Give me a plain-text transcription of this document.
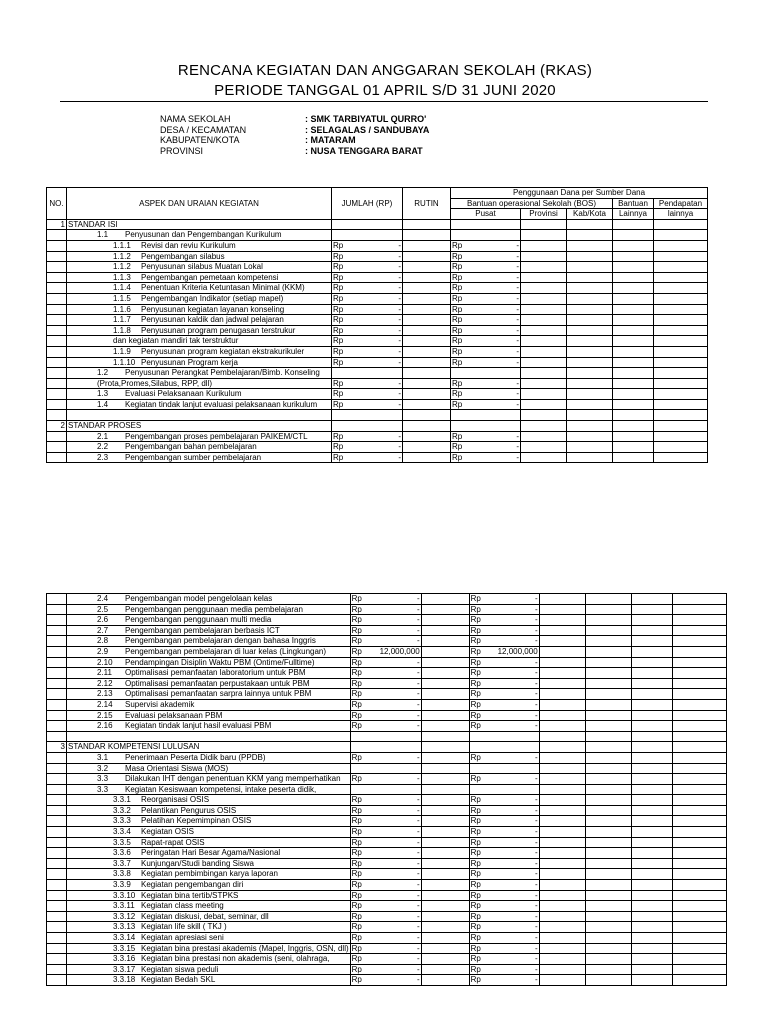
RENCANA KEGIATAN DAN ANGGARAN SEKOLAH (RKAS)
PERIODE TANGGAL 01 APRIL S/D 31 JUNI 2020
NAMA SEKOLAH	: SMK TARBIYATUL QURRO'
DESA / KECAMATAN	: SELAGALAS / SANDUBAYA
KABUPATEN/KOTA	: MATARAM
PROVINSI	: NUSA TENGGARA BARAT
NO.	ASPEK DAN URAIAN KEGIATAN	JUMLAH (RP)	RUTIN	Penggunaan Dana per Sumber Dana				
				Bantuan operasional Sekolah (BOS)			Bantuan	Pendapatan
				Pusat	Provinsi	Kab/Kota	Lainnya	lainnya
1	STANDAR ISI							
	1.1 Penyusunan dan Pengembangan Kurikulum							
	1.1.1 Revisi dan reviu Kurikulum	Rp -		Rp -				

	1.1.2 Pengembangan silabus	Rp -		Rp -				

	1.1.2 Penyusunan silabus Muatan Lokal	Rp -		Rp -				

	1.1.3 Pengembangan pemetaan kompetensi	Rp -		Rp -				

	1.1.4 Penentuan Kriteria Ketuntasan Minimal (KKM)	Rp -		Rp -				

	1.1.5 Pengembangan Indikator (setiap mapel)	Rp -		Rp -				

	1.1.6 Penyusunan kegiatan layanan konseling	Rp -		Rp -				

	1.1.7 Penyusunan kaldik dan jadwal pelajaran	Rp -		Rp -				

	1.1.8 Penyusunan program penugasan terstrukur	Rp -		Rp -				

	dan kegiatan mandiri tak terstruktur	Rp -		Rp -				

	1.1.9 Penyusunan program kegiatan ekstrakurikuler	Rp -		Rp -				

	1.1.10 Penyusunan Program kerja	Rp -		Rp -				

	1.2 Penyusunan Perangkat Pembelajaran/Bimb. Konseling							
	(Prota,Promes,Silabus, RPP, dll)	Rp -		Rp -				

	1.3 Evaluasi Pelaksanaan Kurikulum	Rp -		Rp -				

	1.4 Kegiatan tindak lanjut evaluasi pelaksanaan kurikulum	Rp -		Rp -				

2	STANDAR PROSES							
	2.1 Pengembangan proses pembelajaran PAIKEM/CTL	Rp -		Rp -				

	2.2 Pengembangan bahan pembelajaran	Rp -		Rp -				

	2.3 Pengembangan sumber pembelajaran	Rp -		Rp -				

	2.4 Pengembangan model pengelolaan kelas	Rp -		Rp -				

	2.5 Pengembangan penggunaan media pembelajaran	Rp -		Rp -				

	2.6 Pengembangan penggunaan multi media	Rp -		Rp -				

	2.7 Pengembangan pembelajaran berbasis ICT	Rp -		Rp -				

	2.8 Pengembangan pembelajaran dengan bahasa Inggris	Rp -		Rp -				

	2.9 Pengembangan pembelajaran di luar kelas (Lingkungan)	Rp 12,000,000		Rp 12,000,000				

	2.10 Pendampingan Disiplin Waktu PBM (Ontime/Fulltime)	Rp -		Rp -				

	2.11 Optimalisasi pemanfaatan laboratorium untuk PBM	Rp -		Rp -				

	2.12 Optimalisasi pemanfaatan perpustakaan untuk PBM	Rp -		Rp -				

	2.13 Optimalisasi pemanfaatan sarpra lainnya untuk PBM	Rp -		Rp -				

	2.14 Supervisi akademik	Rp -		Rp -				

	2.15 Evaluasi pelaksanaan PBM	Rp -		Rp -				

	2.16 Kegiatan tindak lanjut hasil evaluasi PBM	Rp -		Rp -				

3	STANDAR KOMPETENSI LULUSAN							
	3.1 Penerimaan Peserta Didik baru (PPDB)	Rp -		Rp -				

	3.2 Masa Orientasi Siswa (MOS)							
	3.3 Dilakukan IHT dengan penentuan KKM yang memperhatikan	Rp -		Rp -				

	3.3 Kegiatan Kesiswaan kompetensi, intake peserta didik,							
	3.3.1 Reorganisasi OSIS	Rp -		Rp -				

	3.3.2 Pelantikan Pengurus OSIS	Rp -		Rp -				

	3.3.3 Pelatihan Kepemimpinan OSIS	Rp -		Rp -				

	3.3.4 Kegiatan OSIS	Rp -		Rp -				

	3.3.5 Rapat-rapat OSIS	Rp -		Rp -				

	3.3.6 Peringatan Hari Besar Agama/Nasional	Rp -		Rp -				

	3.3.7 Kunjungan/Studi banding Siswa	Rp -		Rp -				

	3.3.8 Kegiatan pembimbingan karya laporan	Rp -		Rp -				

	3.3.9 Kegiatan pengembangan diri	Rp -		Rp -				

	3.3.10 Kegiatan bina tertib/STPKS	Rp -		Rp -				

	3.3.11 Kegiatan class meeting	Rp -		Rp -				

	3.3.12 Kegiatan diskusi, debat, seminar, dll	Rp -		Rp -				

	3.3.13 Kegiatan life skill ( TKJ )	Rp -		Rp -				

	3.3.14 Kegiatan apresiasi seni	Rp -		Rp -				

	3.3.15 Kegiatan bina prestasi akademis (Mapel, Inggris, OSN, dll)	Rp -		Rp -				

	3.3.16 Kegiatan bina prestasi non akademis (seni, olahraga,	Rp -		Rp -				

	3.3.17 Kegiatan siswa peduli	Rp -		Rp -				

	3.3.18 Kegiatan Bedah SKL	Rp -		Rp -				
